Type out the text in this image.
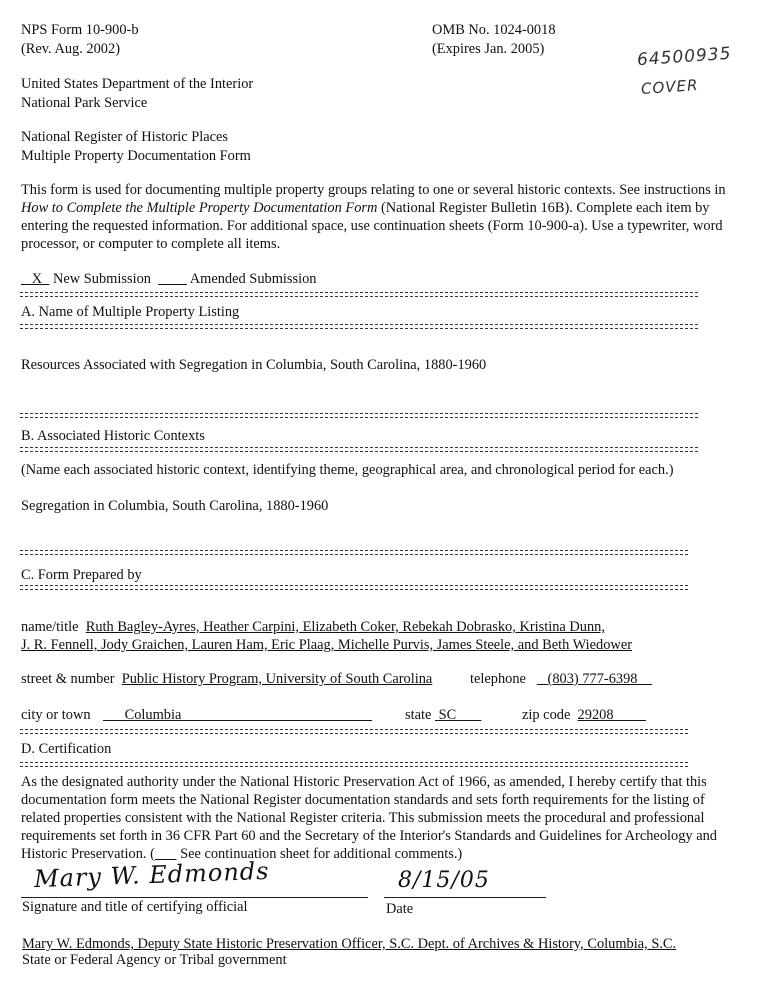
NPS Form 10-900-b
(Rev. Aug. 2002)
OMB No. 1024-0018
(Expires Jan. 2005)	64500935
COVER
United States Department of the Interior
National Park Service
National Register of Historic Places
Multiple Property Documentation Form
This form is used for documenting multiple property groups relating to one or several historic contexts. See instructions in How to Complete the Multiple Property Documentation Form (National Register Bulletin 16B). Complete each item by entering the requested information. For additional space, use continuation sheets (Form 10-900-a). Use a typewriter, word processor, or computer to complete all items.
X New Submission	Amended Submission
A. Name of Multiple Property Listing
Resources Associated with Segregation in Columbia, South Carolina, 1880-1960
B. Associated Historic Contexts
(Name each associated historic context, identifying theme, geographical area, and chronological period for each.)
Segregation in Columbia, South Carolina, 1880-1960
C. Form Prepared by
name/title Ruth Bagley-Ayres, Heather Carpini, Elizabeth Coker, Rebekah Dobrasko, Kristina Dunn,
J. R. Fennell, Jody Graichen, Lauren Ham, Eric Plaag, Michelle Purvis, James Steele, and Beth Wiedower
street & number Public History Program, University of South Carolina	telephone (803) 777-6398
city or town	Columbia	state SC	zip code 29208
D. Certification
As the designated authority under the National Historic Preservation Act of 1966, as amended, I hereby certify that this documentation form meets the National Register documentation standards and sets forth requirements for the listing of related properties consistent with the National Register criteria. This submission meets the procedural and professional requirements set forth in 36 CFR Part 60 and the Secretary of the Interior's Standards and Guidelines for Archeology and Historic Preservation. (       See continuation sheet for additional comments.)
Mary W. Edmonds
Signature and title of certifying official
8/15/05
Date
Mary W. Edmonds, Deputy State Historic Preservation Officer, S.C. Dept. of Archives & History, Columbia, S.C.
State or Federal Agency or Tribal government
